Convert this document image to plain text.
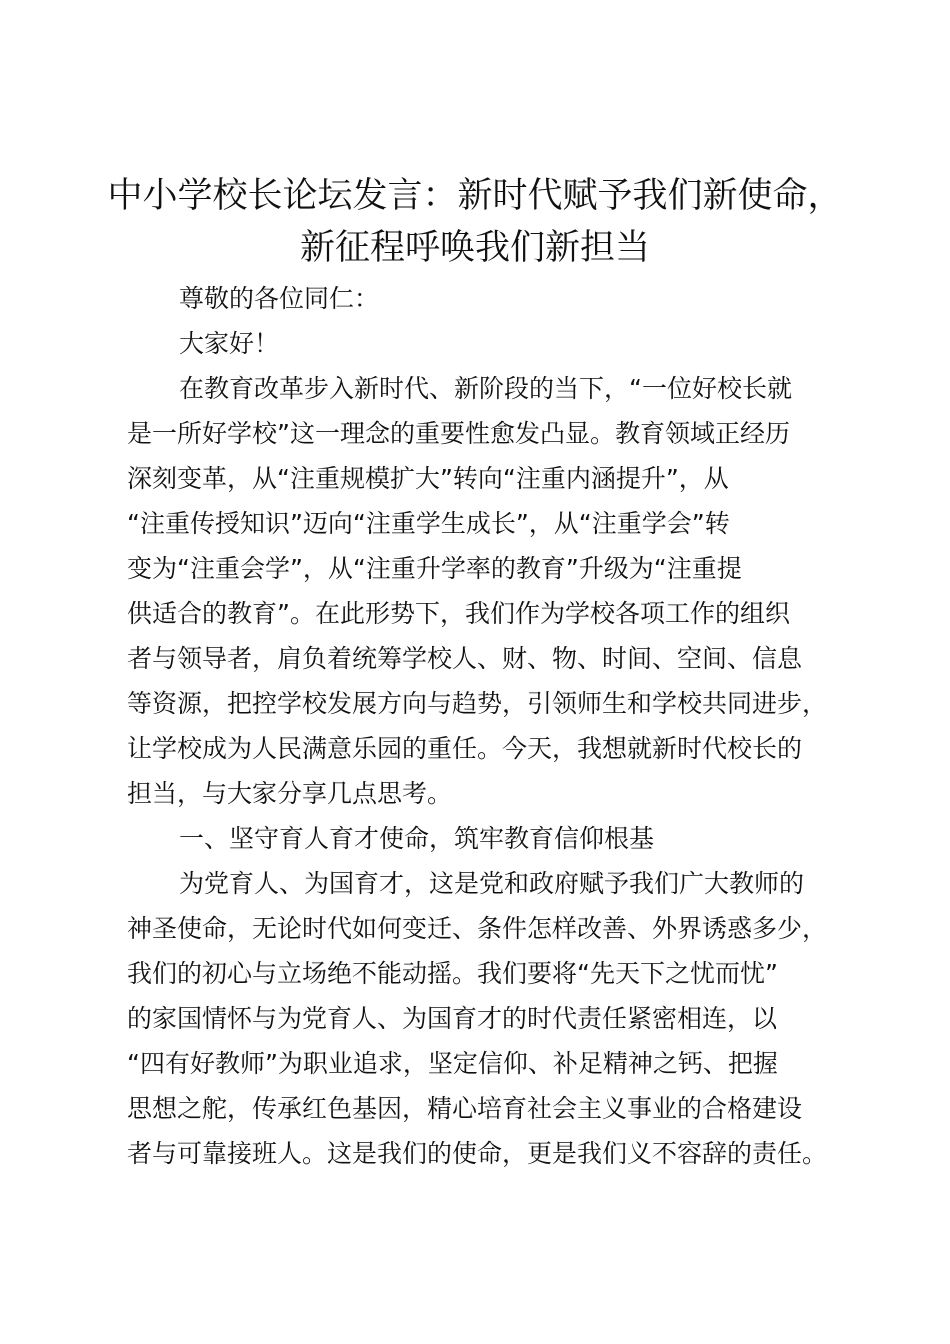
中小学校长论坛发言：新时代赋予我们新使命，
新征程呼唤我们新担当

尊敬的各位同仁：

大家好！

在教育改革步入新时代、新阶段的当下，“一位好校长就
是一所好学校”这一理念的重要性愈发凸显。教育领域正经历
深刻变革，从“注重规模扩大”转向“注重内涵提升”，从
“注重传授知识”迈向“注重学生成长”，从“注重学会”转
变为“注重会学”，从“注重升学率的教育”升级为“注重提
供适合的教育”。在此形势下，我们作为学校各项工作的组织
者与领导者，肩负着统筹学校人、财、物、时间、空间、信息
等资源，把控学校发展方向与趋势，引领师生和学校共同进步，
让学校成为人民满意乐园的重任。今天，我想就新时代校长的
担当，与大家分享几点思考。

一、坚守育人育才使命，筑牢教育信仰根基

为党育人、为国育才，这是党和政府赋予我们广大教师的
神圣使命，无论时代如何变迁、条件怎样改善、外界诱惑多少，
我们的初心与立场绝不能动摇。我们要将“先天下之忧而忧”
的家国情怀与为党育人、为国育才的时代责任紧密相连，以
“四有好教师”为职业追求，坚定信仰、补足精神之钙、把握
思想之舵，传承红色基因，精心培育社会主义事业的合格建设
者与可靠接班人。这是我们的使命，更是我们义不容辞的责任。
